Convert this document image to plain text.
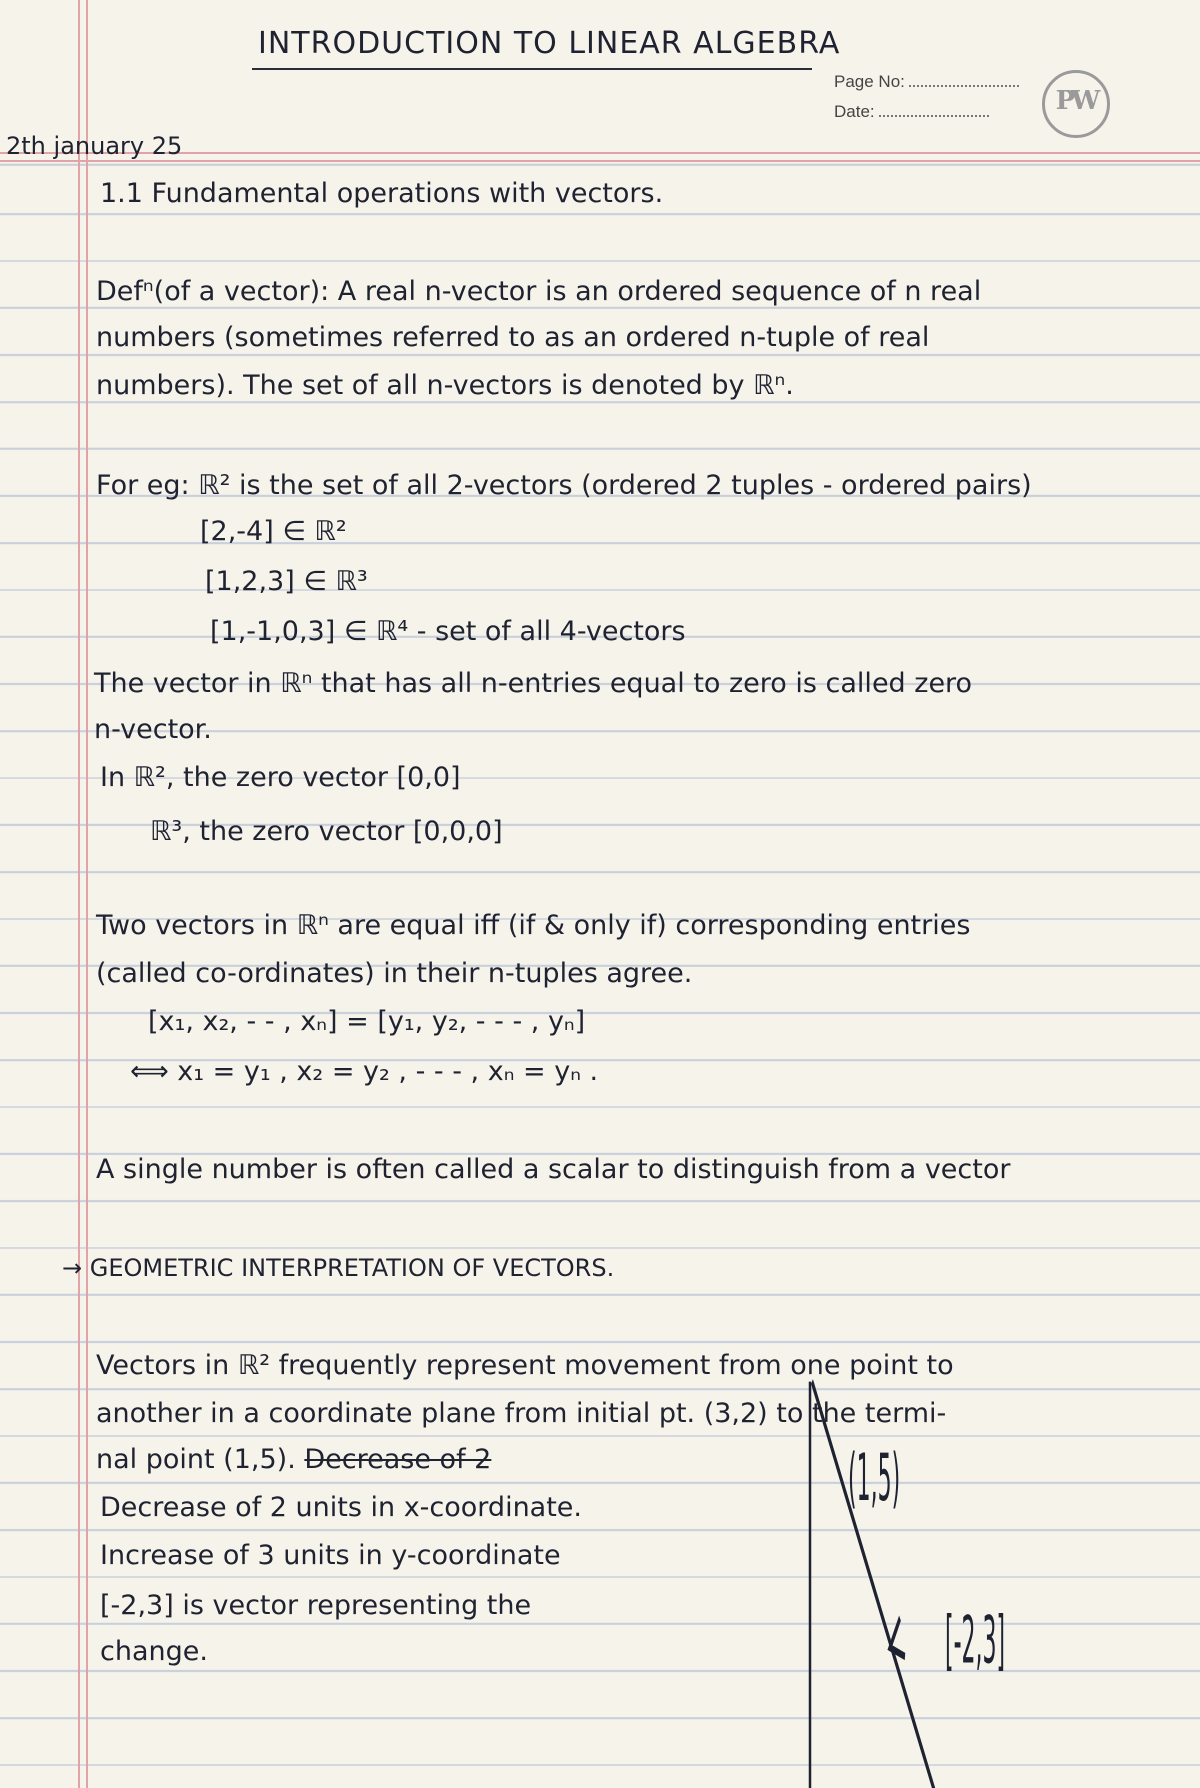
INTRODUCTION TO LINEAR ALGEBRA
Page No:
Date:	PW
2th january 25
1.1 Fundamental operations with vectors.
Defⁿ(of a vector): A real n-vector is an ordered sequence of n real
numbers (sometimes referred to as an ordered n-tuple of real
numbers). The set of all n-vectors is denoted by ℝⁿ.
For eg: ℝ² is the set of all 2-vectors (ordered 2 tuples - ordered pairs)
[2,-4] ∈ ℝ²
[1,2,3] ∈ ℝ³
[1,-1,0,3] ∈ ℝ⁴ - set of all 4-vectors
The vector in ℝⁿ that has all n-entries equal to zero is called zero
n-vector.
In ℝ², the zero vector [0,0]
ℝ³, the zero vector [0,0,0]
Two vectors in ℝⁿ are equal iff (if & only if) corresponding entries
(called co-ordinates) in their n-tuples agree.
[x₁, x₂, - - , xₙ] = [y₁, y₂, - - - , yₙ]
⟺ x₁ = y₁ , x₂ = y₂ , - - - , xₙ = yₙ .
A single number is often called a scalar to distinguish from a vector
→ GEOMETRIC INTERPRETATION OF VECTORS.
Vectors in ℝ² frequently represent movement from one point to
another in a coordinate plane from initial pt. (3,2) to the termi-
nal point (1,5). Decrease of 2
Decrease of 2 units in x-coordinate.
Increase of 3 units in y-coordinate
[-2,3] is vector representing the
change.
(1,5)
[-2,3]
